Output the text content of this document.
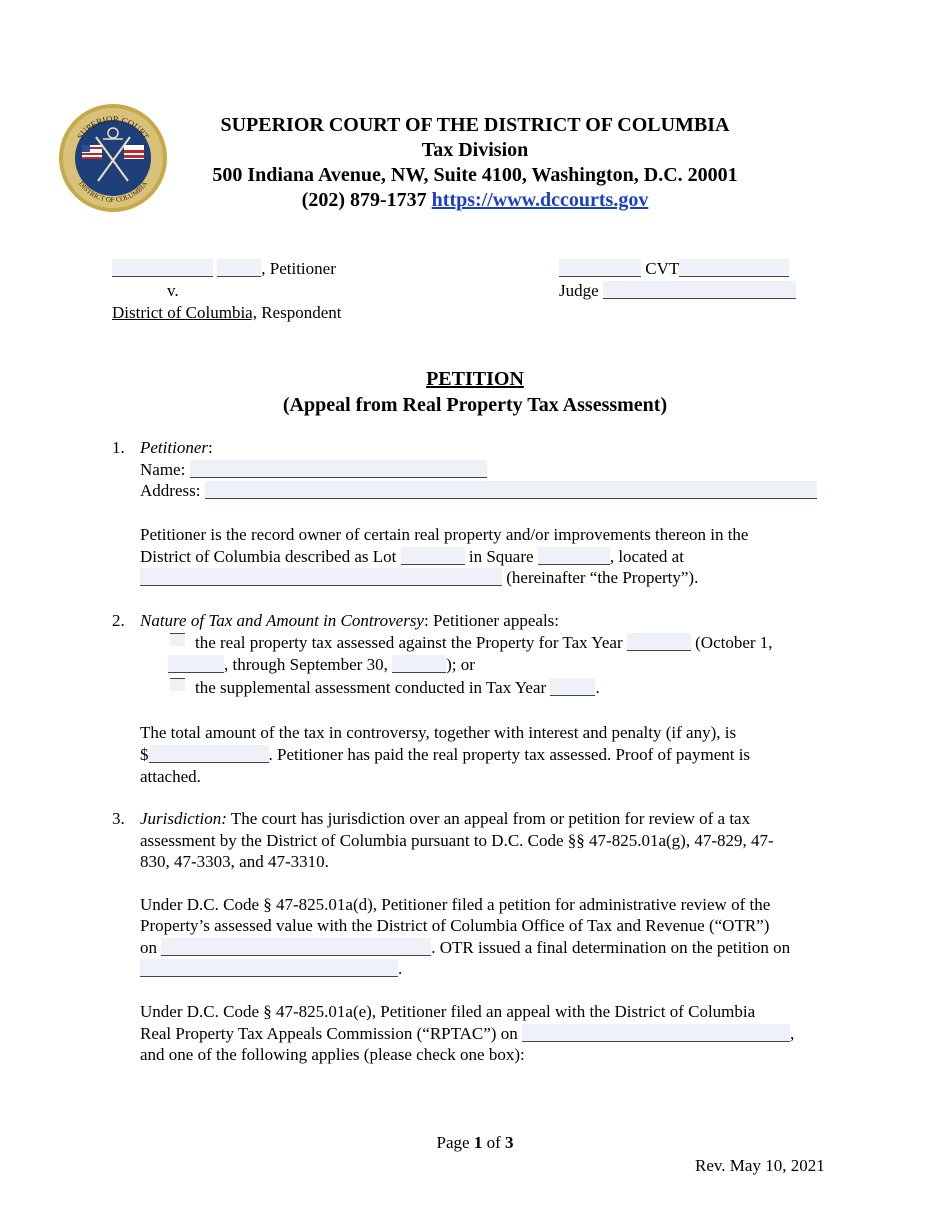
SUPERIOR COURT
DISTRICT OF COLUMBIA
SUPERIOR COURT OF THE DISTRICT OF COLUMBIA
Tax Division
500 Indiana Avenue, NW, Suite 4100, Washington, D.C. 20001
(202) 879-1737 https://www.dccourts.gov
, Petitioner
v.
District of Columbia, Respondent
CVT
Judge
PETITION
(Appeal from Real Property Tax Assessment)
1. Petitioner:
Name:
Address:
Petitioner is the record owner of certain real property and/or improvements thereon in the
District of Columbia described as Lot	in Square	, located at
(hereinafter “the Property”).
2. Nature of Tax and Amount in Controversy: Petitioner appeals:
the real property tax assessed against the Property for Tax Year	(October 1,
, through September 30,	); or
the supplemental assessment conducted in Tax Year	.
The total amount of the tax in controversy, together with interest and penalty (if any), is
$	. Petitioner has paid the real property tax assessed. Proof of payment is
attached.
3. Jurisdiction: The court has jurisdiction over an appeal from or petition for review of a tax
assessment by the District of Columbia pursuant to D.C. Code §§ 47-825.01a(g), 47-829, 47-
830, 47-3303, and 47-3310.
Under D.C. Code § 47-825.01a(d), Petitioner filed a petition for administrative review of the
Property’s assessed value with the District of Columbia Office of Tax and Revenue (“OTR”)
on	. OTR issued a final determination on the petition on
.
Under D.C. Code § 47-825.01a(e), Petitioner filed an appeal with the District of Columbia
Real Property Tax Appeals Commission (“RPTAC”) on	,
and one of the following applies (please check one box):
Page 1 of 3
Rev. May 10, 2021
